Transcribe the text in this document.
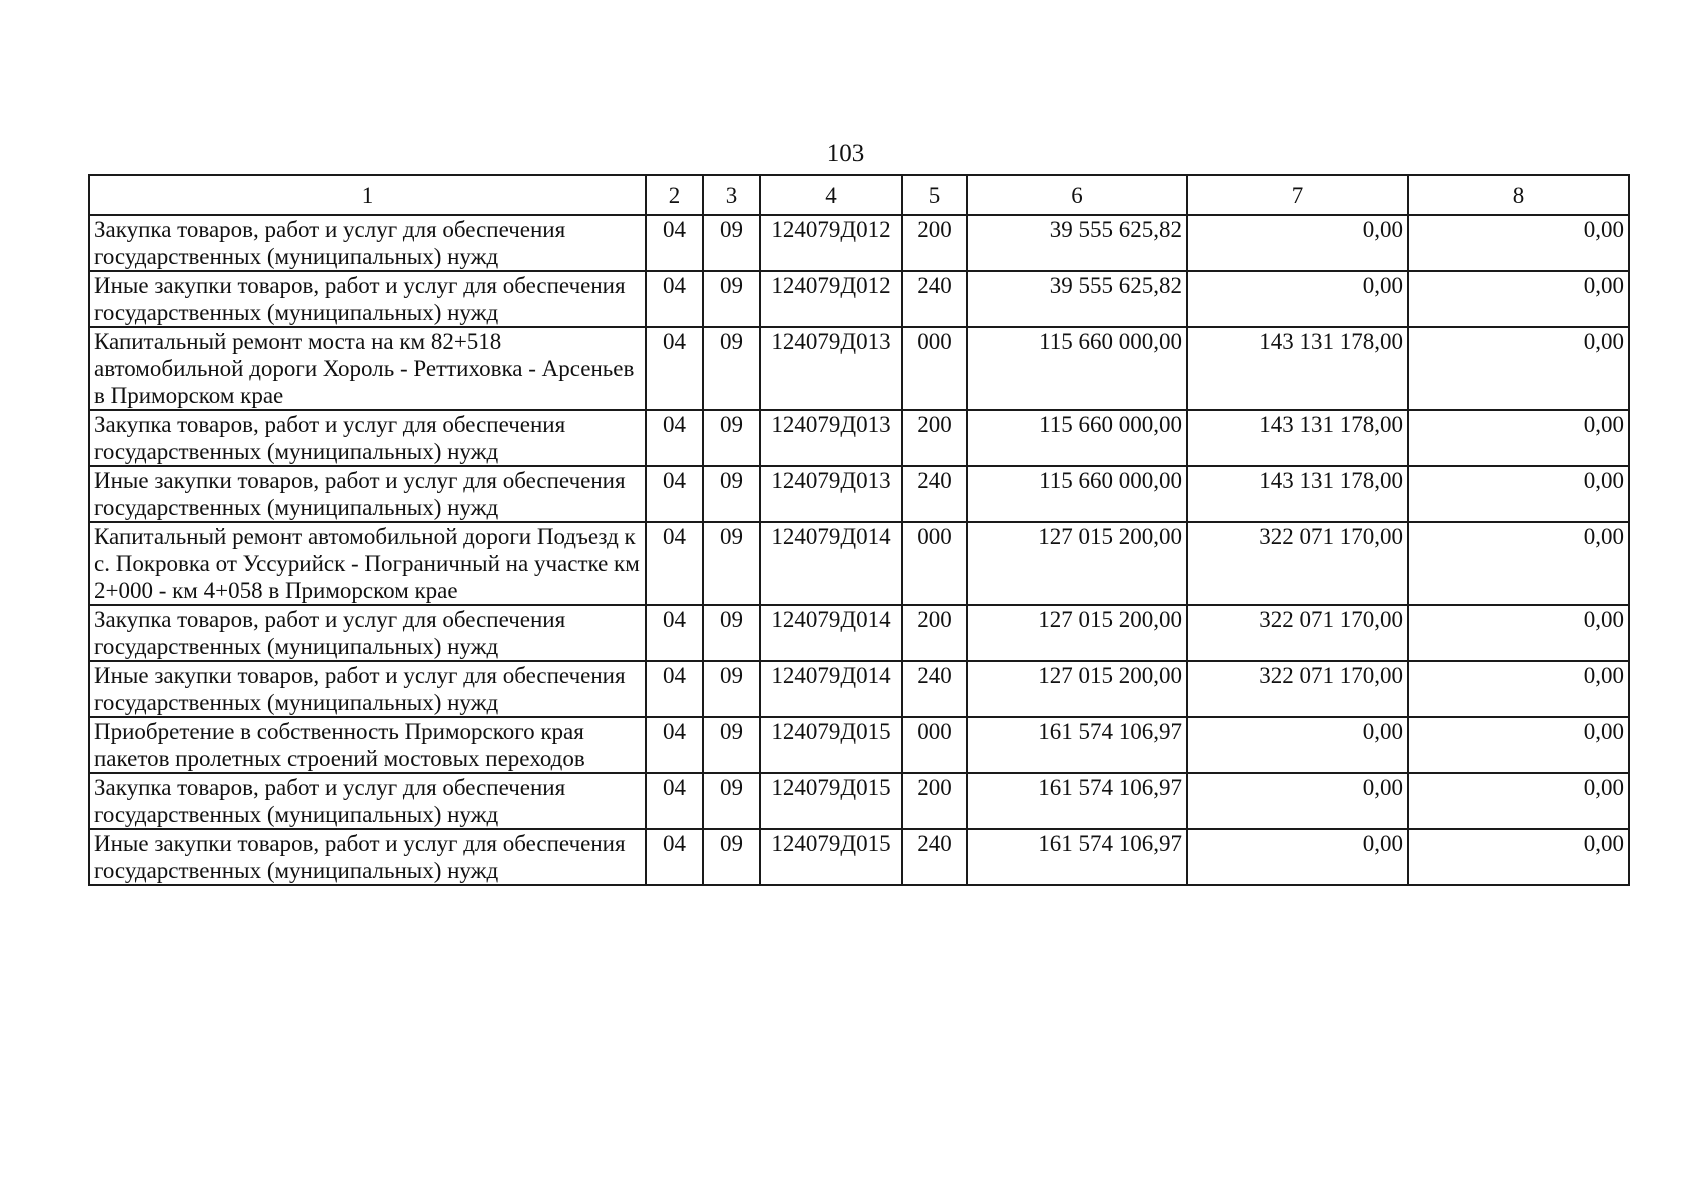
103
1	2	3	4	5	6	7	8
Закупка товаров, работ и услуг для обеспечения государственных (муниципальных) нужд	04	09	124079Д012	200	39 555 625,82	0,00	0,00
Иные закупки товаров, работ и услуг для обеспечения государственных (муниципальных) нужд	04	09	124079Д012	240	39 555 625,82	0,00	0,00
Капитальный ремонт моста на км 82+518 автомобильной дороги Хороль - Реттиховка - Арсеньев в Приморском крае	04	09	124079Д013	000	115 660 000,00	143 131 178,00	0,00
Закупка товаров, работ и услуг для обеспечения государственных (муниципальных) нужд	04	09	124079Д013	200	115 660 000,00	143 131 178,00	0,00
Иные закупки товаров, работ и услуг для обеспечения государственных (муниципальных) нужд	04	09	124079Д013	240	115 660 000,00	143 131 178,00	0,00
Капитальный ремонт автомобильной дороги Подъезд к с. Покровка от Уссурийск - Пограничный на участке км 2+000 - км 4+058 в Приморском крае	04	09	124079Д014	000	127 015 200,00	322 071 170,00	0,00
Закупка товаров, работ и услуг для обеспечения государственных (муниципальных) нужд	04	09	124079Д014	200	127 015 200,00	322 071 170,00	0,00
Иные закупки товаров, работ и услуг для обеспечения государственных (муниципальных) нужд	04	09	124079Д014	240	127 015 200,00	322 071 170,00	0,00
Приобретение в собственность Приморского края пакетов пролетных строений мостовых переходов	04	09	124079Д015	000	161 574 106,97	0,00	0,00
Закупка товаров, работ и услуг для обеспечения государственных (муниципальных) нужд	04	09	124079Д015	200	161 574 106,97	0,00	0,00
Иные закупки товаров, работ и услуг для обеспечения государственных (муниципальных) нужд	04	09	124079Д015	240	161 574 106,97	0,00	0,00
